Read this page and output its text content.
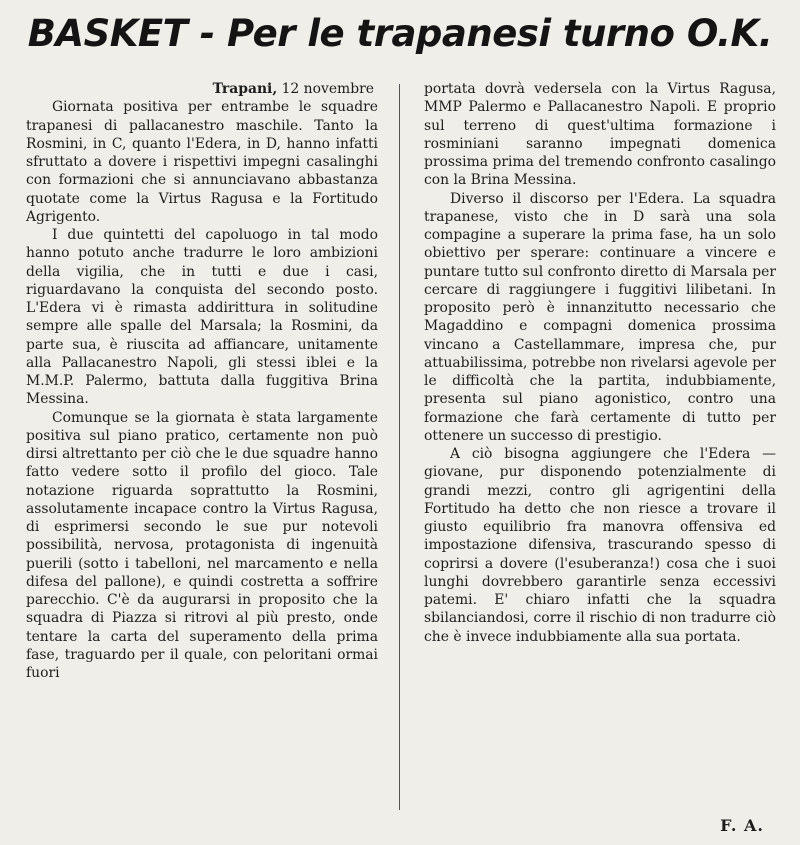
BASKET - Per le trapanesi turno O.K.

Trapani, 12 novembre

Giornata positiva per entrambe le squadre trapanesi di pallacanestro maschile. Tanto la Rosmini, in C, quanto l'Edera, in D, hanno infatti sfruttato a dovere i rispettivi impegni casalinghi con formazioni che si annunciavano abbastanza quotate come la Virtus Ragusa e la Fortitudo Agrigento.

I due quintetti del capoluogo in tal modo hanno potuto anche tradurre le loro ambizioni della vigilia, che in tutti e due i casi, riguardavano la conquista del secondo posto. L'Edera vi è rimasta addirittura in solitudine sempre alle spalle del Marsala; la Rosmini, da parte sua, è riuscita ad affiancare, unitamente alla Pallacanestro Napoli, gli stessi iblei e la M.M.P. Palermo, battuta dalla fuggitiva Brina Messina.

Comunque se la giornata è stata largamente positiva sul piano pratico, certamente non può dirsi altrettanto per ciò che le due squadre hanno fatto vedere sotto il profilo del gioco. Tale notazione riguarda soprattutto la Rosmini, assolutamente incapace contro la Virtus Ragusa, di esprimersi secondo le sue pur notevoli possibilità, nervosa, protagonista di ingenuità puerili (sotto i tabelloni, nel marcamento e nella difesa del pallone), e quindi costretta a soffrire parecchio. C'è da augurarsi in proposito che la squadra di Piazza si ritrovi al più presto, onde tentare la carta del superamento della prima fase, traguardo per il quale, con peloritani ormai fuori

portata dovrà vedersela con la Virtus Ragusa, MMP Palermo e Pallacanestro Napoli. E proprio sul terreno di quest'ultima formazione i rosminiani saranno impegnati domenica prossima prima del tremendo confronto casalingo con la Brina Messina.

Diverso il discorso per l'Edera. La squadra trapanese, visto che in D sarà una sola compagine a superare la prima fase, ha un solo obiettivo per sperare: continuare a vincere e puntare tutto sul confronto diretto di Marsala per cercare di raggiungere i fuggitivi lilibetani. In proposito però è innanzitutto necessario che Magaddino e compagni domenica prossima vincano a Castellammare, impresa che, pur attuabilissima, potrebbe non rivelarsi agevole per le difficoltà che la partita, indubbiamente, presenta sul piano agonistico, contro una formazione che farà certamente di tutto per ottenere un successo di prestigio.

A ciò bisogna aggiungere che l'Edera — giovane, pur disponendo potenzialmente di grandi mezzi, contro gli agrigentini della Fortitudo ha detto che non riesce a trovare il giusto equilibrio fra manovra offensiva ed impostazione difensiva, trascurando spesso di coprirsi a dovere (l'esuberanza!) cosa che i suoi lunghi dovrebbero garantirle senza eccessivi patemi. E' chiaro infatti che la squadra sbilanciandosi, corre il rischio di non tradurre ciò che è invece indubbiamente alla sua portata.

F. A.
